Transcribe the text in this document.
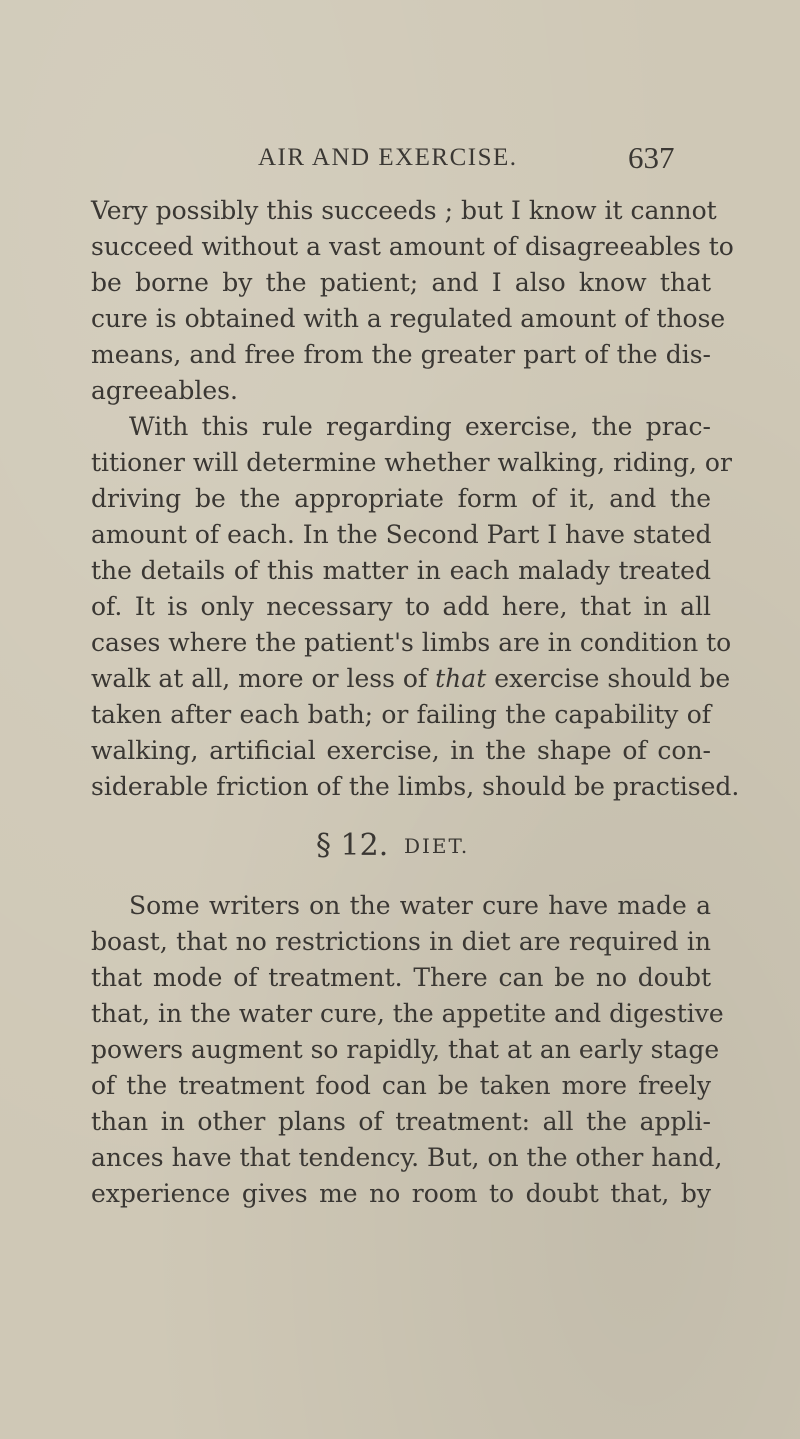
AIR AND EXERCISE.	637
Very possibly this succeeds ; but I know it cannot
succeed without a vast amount of disagreeables to
be borne by the patient; and I also know that
cure is obtained with a regulated amount of those
means, and free from the greater part of the dis-
agreeables.
With this rule regarding exercise, the prac-
titioner will determine whether walking, riding, or
driving be the appropriate form of it, and the
amount of each. In the Second Part I have stated
the details of this matter in each malady treated
of. It is only necessary to add here, that in all
cases where the patient's limbs are in condition to
walk at all, more or less of that exercise should be
taken after each bath; or failing the capability of
walking, artificial exercise, in the shape of con-
siderable friction of the limbs, should be practised.
§ 12. DIET.
Some writers on the water cure have made a
boast, that no restrictions in diet are required in
that mode of treatment. There can be no doubt
that, in the water cure, the appetite and digestive
powers augment so rapidly, that at an early stage
of the treatment food can be taken more freely
than in other plans of treatment: all the appli-
ances have that tendency. But, on the other hand,
experience gives me no room to doubt that, by
